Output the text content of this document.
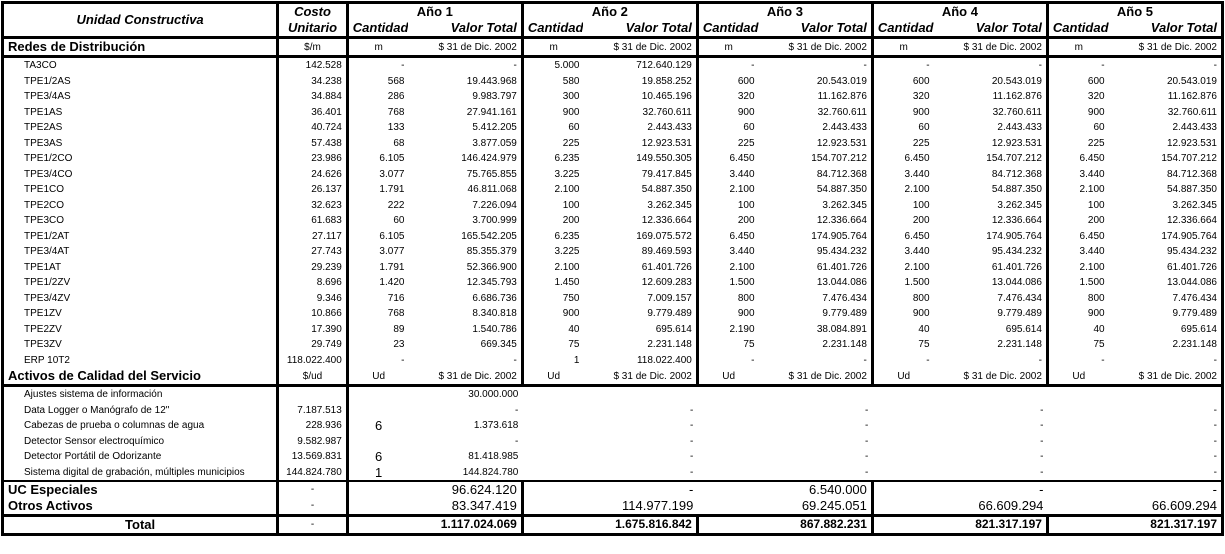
Unidad Constructiva	Costo	Año 1		Año 2		Año 3		Año 4		Año 5	
	Unitario	Cantidad	Valor Total	Cantidad	Valor Total	Cantidad	Valor Total	Cantidad	Valor Total	Cantidad	Valor Total
Redes de Distribución	$/m	m	$ 31 de Dic. 2002	m	$ 31 de Dic. 2002	m	$ 31 de Dic. 2002	m	$ 31 de Dic. 2002	m	$ 31 de Dic. 2002
TA3CO	142.528	-	-	5.000	712.640.129	-	-	-	-	-	-
TPE1/2AS	34.238	568	19.443.968	580	19.858.252	600	20.543.019	600	20.543.019	600	20.543.019
TPE3/4AS	34.884	286	9.983.797	300	10.465.196	320	11.162.876	320	11.162.876	320	11.162.876
TPE1AS	36.401	768	27.941.161	900	32.760.611	900	32.760.611	900	32.760.611	900	32.760.611
TPE2AS	40.724	133	5.412.205	60	2.443.433	60	2.443.433	60	2.443.433	60	2.443.433
TPE3AS	57.438	68	3.877.059	225	12.923.531	225	12.923.531	225	12.923.531	225	12.923.531
TPE1/2CO	23.986	6.105	146.424.979	6.235	149.550.305	6.450	154.707.212	6.450	154.707.212	6.450	154.707.212
TPE3/4CO	24.626	3.077	75.765.855	3.225	79.417.845	3.440	84.712.368	3.440	84.712.368	3.440	84.712.368
TPE1CO	26.137	1.791	46.811.068	2.100	54.887.350	2.100	54.887.350	2.100	54.887.350	2.100	54.887.350
TPE2CO	32.623	222	7.226.094	100	3.262.345	100	3.262.345	100	3.262.345	100	3.262.345
TPE3CO	61.683	60	3.700.999	200	12.336.664	200	12.336.664	200	12.336.664	200	12.336.664
TPE1/2AT	27.117	6.105	165.542.205	6.235	169.075.572	6.450	174.905.764	6.450	174.905.764	6.450	174.905.764
TPE3/4AT	27.743	3.077	85.355.379	3.225	89.469.593	3.440	95.434.232	3.440	95.434.232	3.440	95.434.232
TPE1AT	29.239	1.791	52.366.900	2.100	61.401.726	2.100	61.401.726	2.100	61.401.726	2.100	61.401.726
TPE1/2ZV	8.696	1.420	12.345.793	1.450	12.609.283	1.500	13.044.086	1.500	13.044.086	1.500	13.044.086
TPE3/4ZV	9.346	716	6.686.736	750	7.009.157	800	7.476.434	800	7.476.434	800	7.476.434
TPE1ZV	10.866	768	8.340.818	900	9.779.489	900	9.779.489	900	9.779.489	900	9.779.489
TPE2ZV	17.390	89	1.540.786	40	695.614	2.190	38.084.891	40	695.614	40	695.614
TPE3ZV	29.749	23	669.345	75	2.231.148	75	2.231.148	75	2.231.148	75	2.231.148
ERP 10T2	118.022.400	-	-	1	118.022.400	-	-	-	-	-	-
Activos de Calidad del Servicio	$/ud	Ud	$ 31 de Dic. 2002	Ud	$ 31 de Dic. 2002	Ud	$ 31 de Dic. 2002	Ud	$ 31 de Dic. 2002	Ud	$ 31 de Dic. 2002
Ajustes sistema de información			30.000.000								
Data Logger o Manógrafo de 12"	7.187.513		-		-		-		-		-
Cabezas de prueba o columnas de agua	228.936	6	1.373.618		-		-		-		-
Detector Sensor electroquímico	9.582.987		-		-		-		-		-
Detector Portátil de Odorizante	13.569.831	6	81.418.985		-		-		-		-
Sistema digital de grabación, múltiples municipios	144.824.780	1	144.824.780		-		-		-		-
UC Especiales	-		96.624.120		-		6.540.000		-		-
Otros Activos	-		83.347.419		114.977.199		69.245.051		66.609.294		66.609.294
Total	-		1.117.024.069		1.675.816.842		867.882.231		821.317.197		821.317.197
